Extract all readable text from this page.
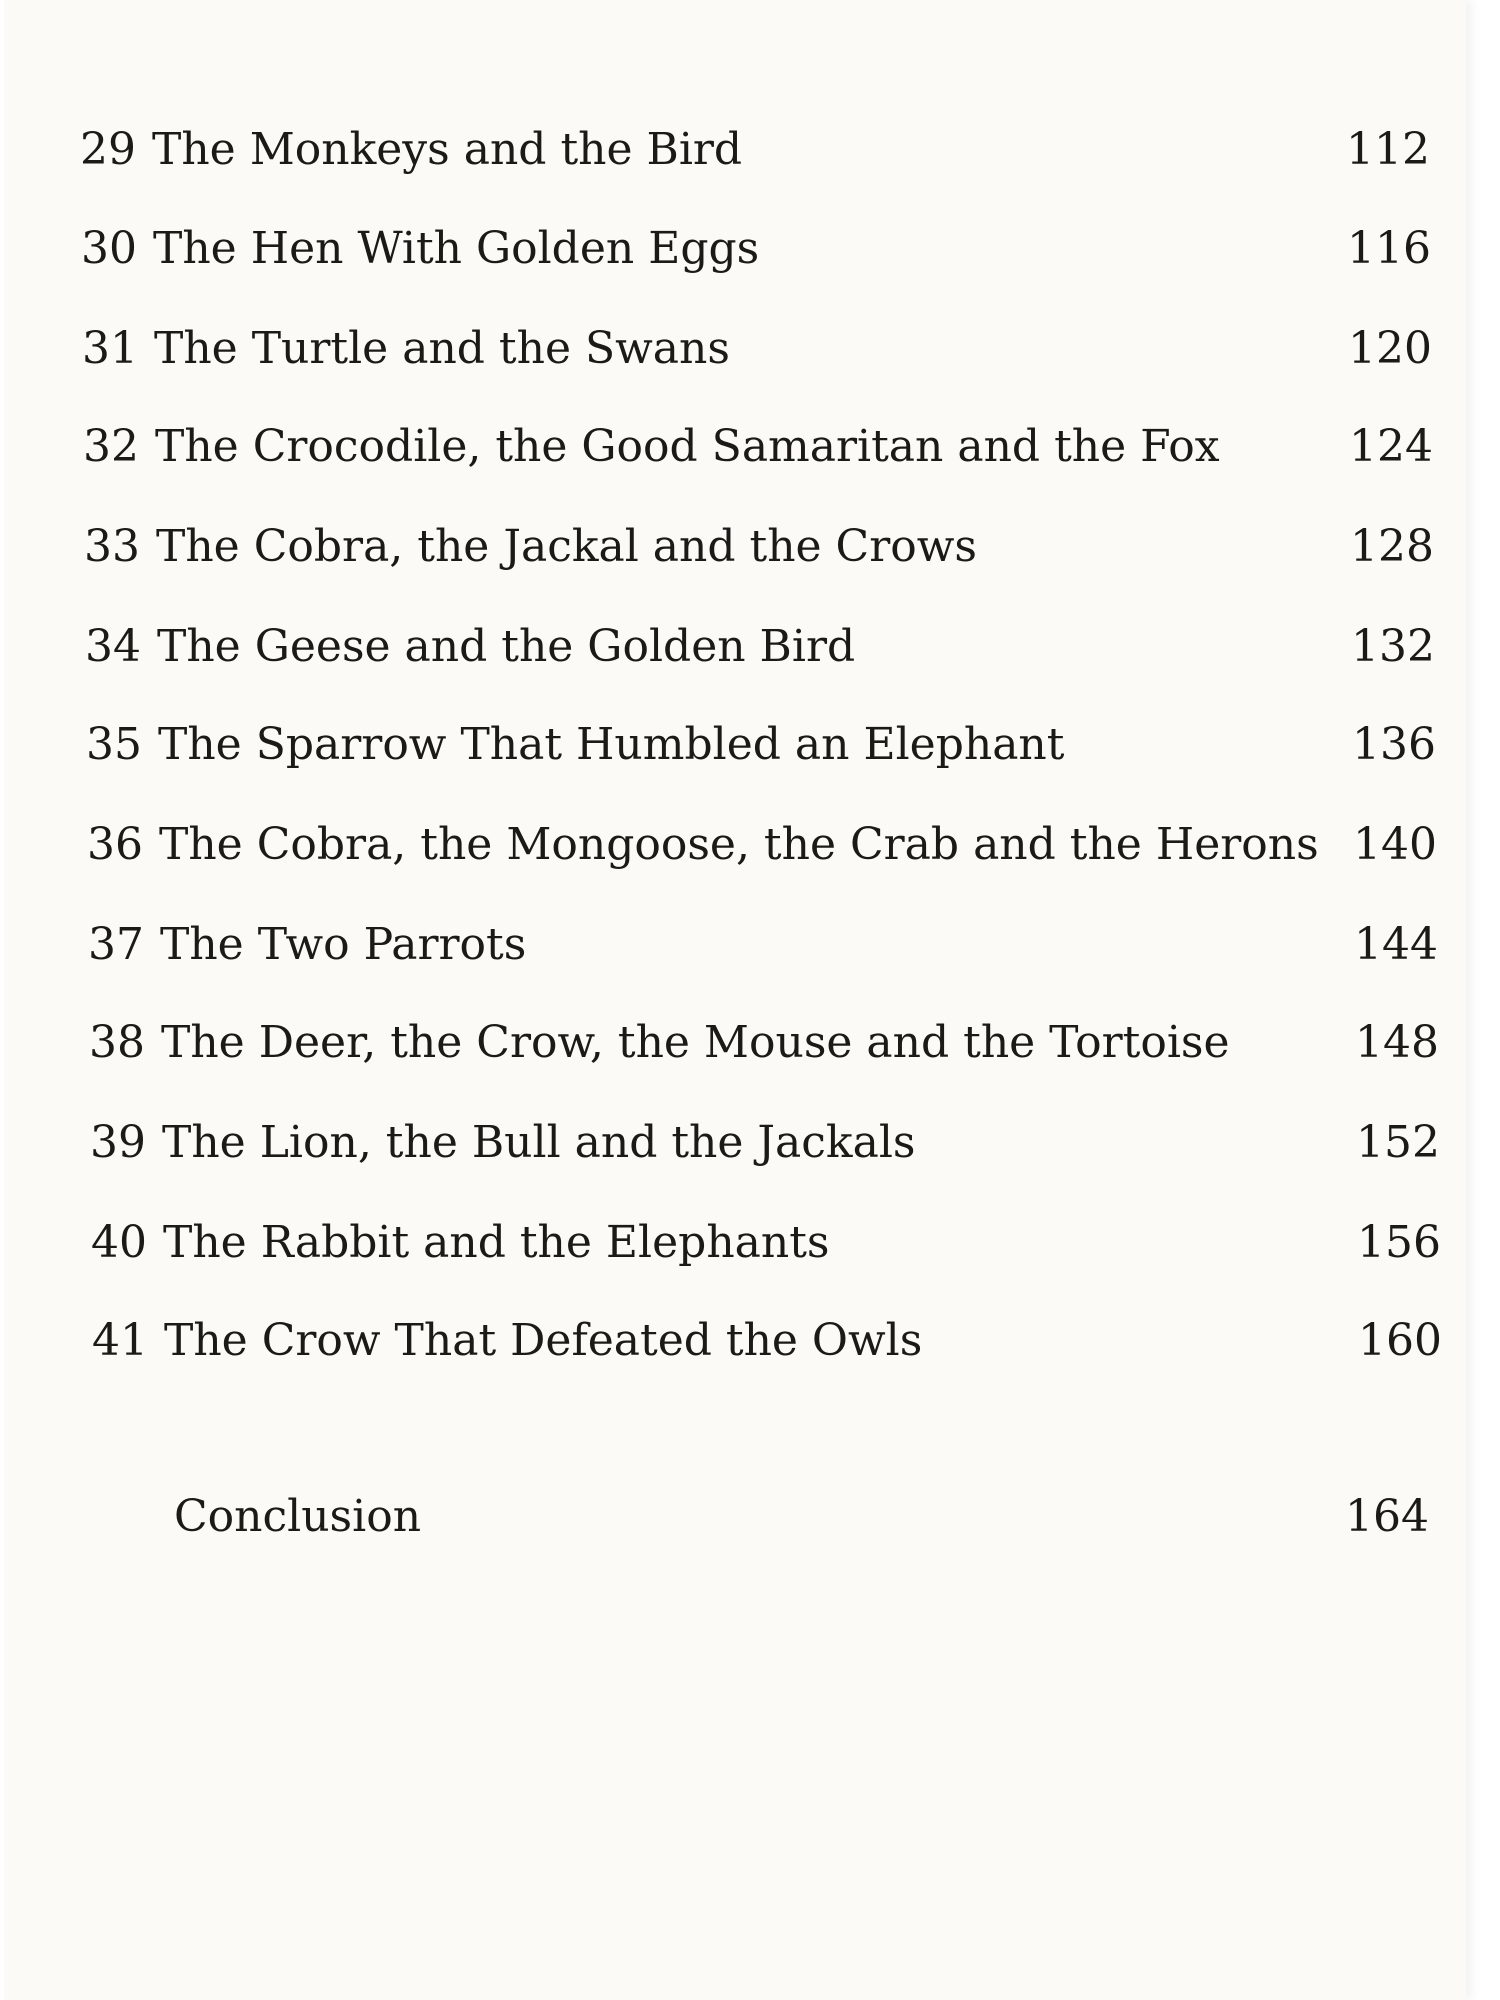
29 The Monkeys and the Bird	112
30 The Hen With Golden Eggs	116
31 The Turtle and the Swans	120
32 The Crocodile, the Good Samaritan and the Fox	124
33 The Cobra, the Jackal and the Crows	128
34 The Geese and the Golden Bird	132
35 The Sparrow That Humbled an Elephant	136
36 The Cobra, the Mongoose, the Crab and the Herons 140
37 The Two Parrots	144
38 The Deer, the Crow, the Mouse and the Tortoise	148
39 The Lion, the Bull and the Jackals	152
40 The Rabbit and the Elephants	156
41 The Crow That Defeated the Owls	160
Conclusion	164
